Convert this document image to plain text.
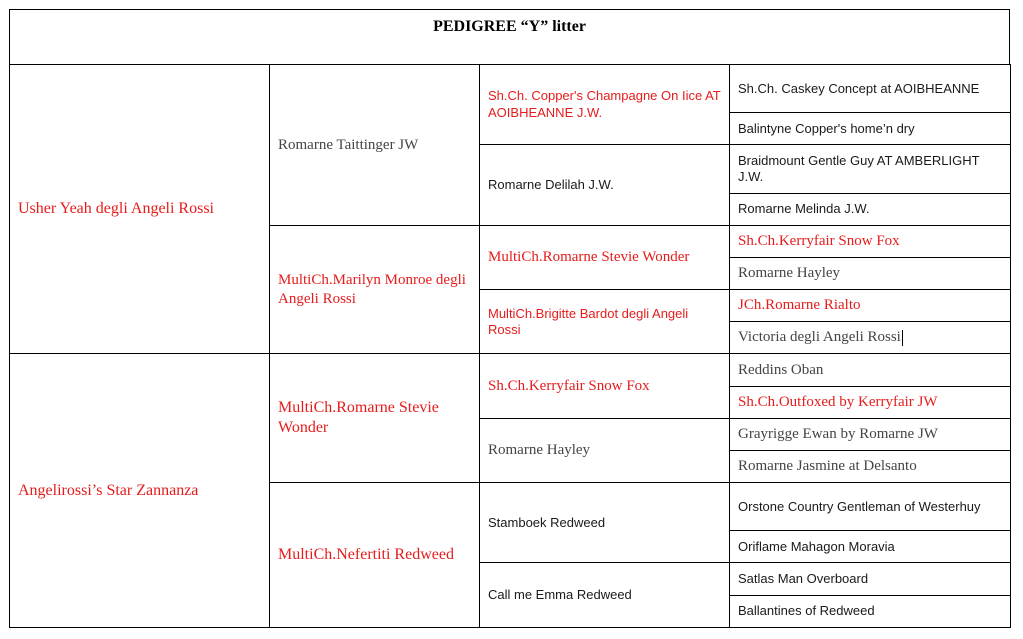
PEDIGREE “Y” litter
Usher Yeah degli Angeli Rossi	Romarne Taittinger JW	Sh.Ch. Copper's Champagne On Iice AT AOIBHEANNE J.W.	Sh.Ch. Caskey Concept at AOIBHEANNE
			Balintyne Copper's home’n dry
		Romarne Delilah J.W.	Braidmount Gentle Guy AT AMBERLIGHT J.W.
			Romarne Melinda J.W.
	MultiCh.Marilyn Monroe degli Angeli Rossi	MultiCh.Romarne Stevie Wonder	Sh.Ch.Kerryfair Snow Fox
			Romarne Hayley
		MultiCh.Brigitte Bardot degli Angeli Rossi	JCh.Romarne Rialto
			Victoria degli Angeli Rossi
Angelirossi’s Star Zannanza	MultiCh.Romarne Stevie Wonder	Sh.Ch.Kerryfair Snow Fox	Reddins Oban
			Sh.Ch.Outfoxed by Kerryfair JW
		Romarne Hayley	Grayrigge Ewan by Romarne JW
			Romarne Jasmine at Delsanto
	MultiCh.Nefertiti Redweed	Stamboek Redweed	Orstone Country Gentleman of Westerhuy
			Oriflame Mahagon Moravia
		Call me Emma Redweed	Satlas Man Overboard
			Ballantines of Redweed
